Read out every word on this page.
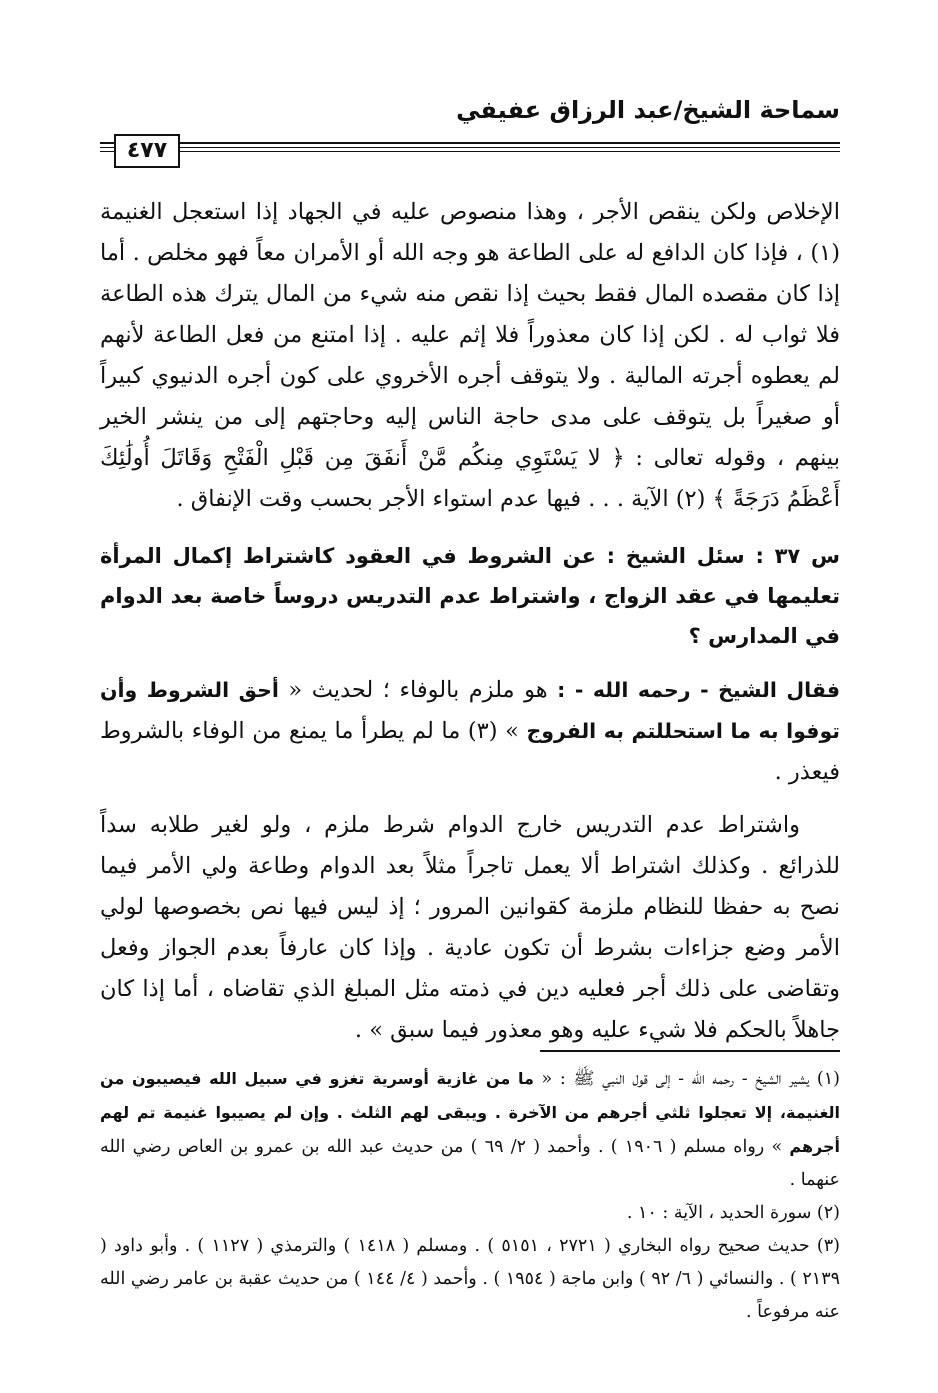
سماحة الشيخ/عبد الرزاق عفيفي
٤٧٧

الإخلاص ولكن ينقص الأجر ، وهذا منصوص عليه في الجهاد إذا استعجل الغنيمة (١) ، فإذا كان الدافع له على الطاعة هو وجه الله أو الأمران معاً فهو مخلص . أما إذا كان مقصده المال فقط بحيث إذا نقص منه شيء من المال يترك هذه الطاعة فلا ثواب له . لكن إذا كان معذوراً فلا إثم عليه . إذا امتنع من فعل الطاعة لأنهم لم يعطوه أجرته المالية . ولا يتوقف أجره الأخروي على كون أجره الدنيوي كبيراً أو صغيراً بل يتوقف على مدى حاجة الناس إليه وحاجتهم إلى من ينشر الخير بينهم ، وقوله تعالى : ﴿ لا يَسْتَوِي مِنكُم مَّنْ أَنفَقَ مِن قَبْلِ الْفَتْحِ وَقَاتَلَ أُولَٰئِكَ أَعْظَمُ دَرَجَةً ﴾ (٢) الآية . . . فيها عدم استواء الأجر بحسب وقت الإنفاق .

س ٣٧ : سئل الشيخ : عن الشروط في العقود كاشتراط إكمال المرأة تعليمها في عقد الزواج ، واشتراط عدم التدريس دروساً خاصة بعد الدوام في المدارس ؟

فقال الشيخ - رحمه الله - : هو ملزم بالوفاء ؛ لحديث « أحق الشروط وأن توفوا به ما استحللتم به الفروج » (٣) ما لم يطرأ ما يمنع من الوفاء بالشروط فيعذر .

واشتراط عدم التدريس خارج الدوام شرط ملزم ، ولو لغير طلابه سداً للذرائع . وكذلك اشتراط ألا يعمل تاجراً مثلاً بعد الدوام وطاعة ولي الأمر فيما نصح به حفظا للنظام ملزمة كقوانين المرور ؛ إذ ليس فيها نص بخصوصها لولي الأمر وضع جزاءات بشرط أن تكون عادية . وإذا كان عارفاً بعدم الجواز وفعل وتقاضى على ذلك أجر فعليه دين في ذمته مثل المبلغ الذي تقاضاه ، أما إذا كان جاهلاً بالحكم فلا شيء عليه وهو معذور فيما سبق » .

(١) يشير الشيخ - رحمه الله - إلى قول النبي ﷺ : « ما من غازية أوسرية تغزو في سبيل الله فيصيبون من الغنيمة، إلا تعجلوا ثلثي أجرهم من الآخرة . ويبقى لهم الثلث . وإن لم يصيبوا غنيمة تم لهم أجرهم » رواه مسلم ( ١٩٠٦ ) . وأحمد ( ٢/ ٦٩ ) من حديث عبد الله بن عمرو بن العاص رضي الله عنهما .

(٢) سورة الحديد ، الآية : ١٠ .

(٣) حديث صحيح رواه البخاري ( ٢٧٢١ ، ٥١٥١ ) . ومسلم ( ١٤١٨ ) والترمذي ( ١١٢٧ ) . وأبو داود ( ٢١٣٩ ) . والنسائي ( ٦/ ٩٢ ) وابن ماجة ( ١٩٥٤ ) . وأحمد ( ٤/ ١٤٤ ) من حديث عقبة بن عامر رضي الله عنه مرفوعاً .
